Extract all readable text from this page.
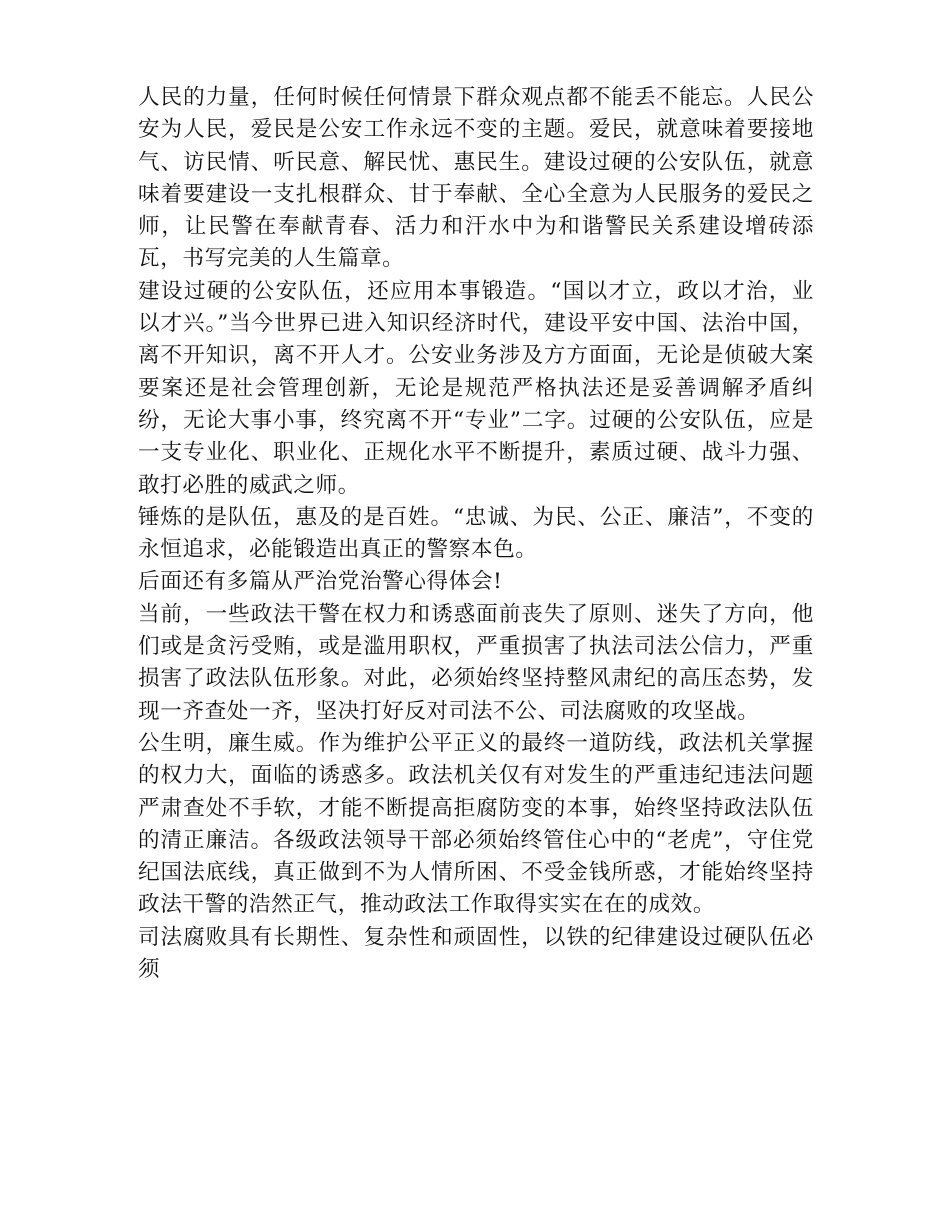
人民的力量，任何时候任何情景下群众观点都不能丢不能忘。人民公安为人民，爱民是公安工作永远不变的主题。爱民，就意味着要接地气、访民情、听民意、解民忧、惠民生。建设过硬的公安队伍，就意味着要建设一支扎根群众、甘于奉献、全心全意为人民服务的爱民之师，让民警在奉献青春、活力和汗水中为和谐警民关系建设增砖添瓦，书写完美的人生篇章。

建设过硬的公安队伍，还应用本事锻造。“国以才立，政以才治，业以才兴。”当今世界已进入知识经济时代，建设平安中国、法治中国，离不开知识，离不开人才。公安业务涉及方方面面，无论是侦破大案要案还是社会管理创新，无论是规范严格执法还是妥善调解矛盾纠纷，无论大事小事，终究离不开“专业”二字。过硬的公安队伍，应是一支专业化、职业化、正规化水平不断提升，素质过硬、战斗力强、敢打必胜的威武之师。

锤炼的是队伍，惠及的是百姓。“忠诚、为民、公正、廉洁”，不变的永恒追求，必能锻造出真正的警察本色。

后面还有多篇从严治党治警心得体会!

当前，一些政法干警在权力和诱惑面前丧失了原则、迷失了方向，他们或是贪污受贿，或是滥用职权，严重损害了执法司法公信力，严重损害了政法队伍形象。对此，必须始终坚持整风肃纪的高压态势，发现一齐查处一齐，坚决打好反对司法不公、司法腐败的攻坚战。

公生明，廉生威。作为维护公平正义的最终一道防线，政法机关掌握的权力大，面临的诱惑多。政法机关仅有对发生的严重违纪违法问题严肃查处不手软，才能不断提高拒腐防变的本事，始终坚持政法队伍的清正廉洁。各级政法领导干部必须始终管住心中的“老虎”，守住党纪国法底线，真正做到不为人情所困、不受金钱所惑，才能始终坚持政法干警的浩然正气，推动政法工作取得实实在在的成效。

司法腐败具有长期性、复杂性和顽固性，以铁的纪律建设过硬队伍必须
